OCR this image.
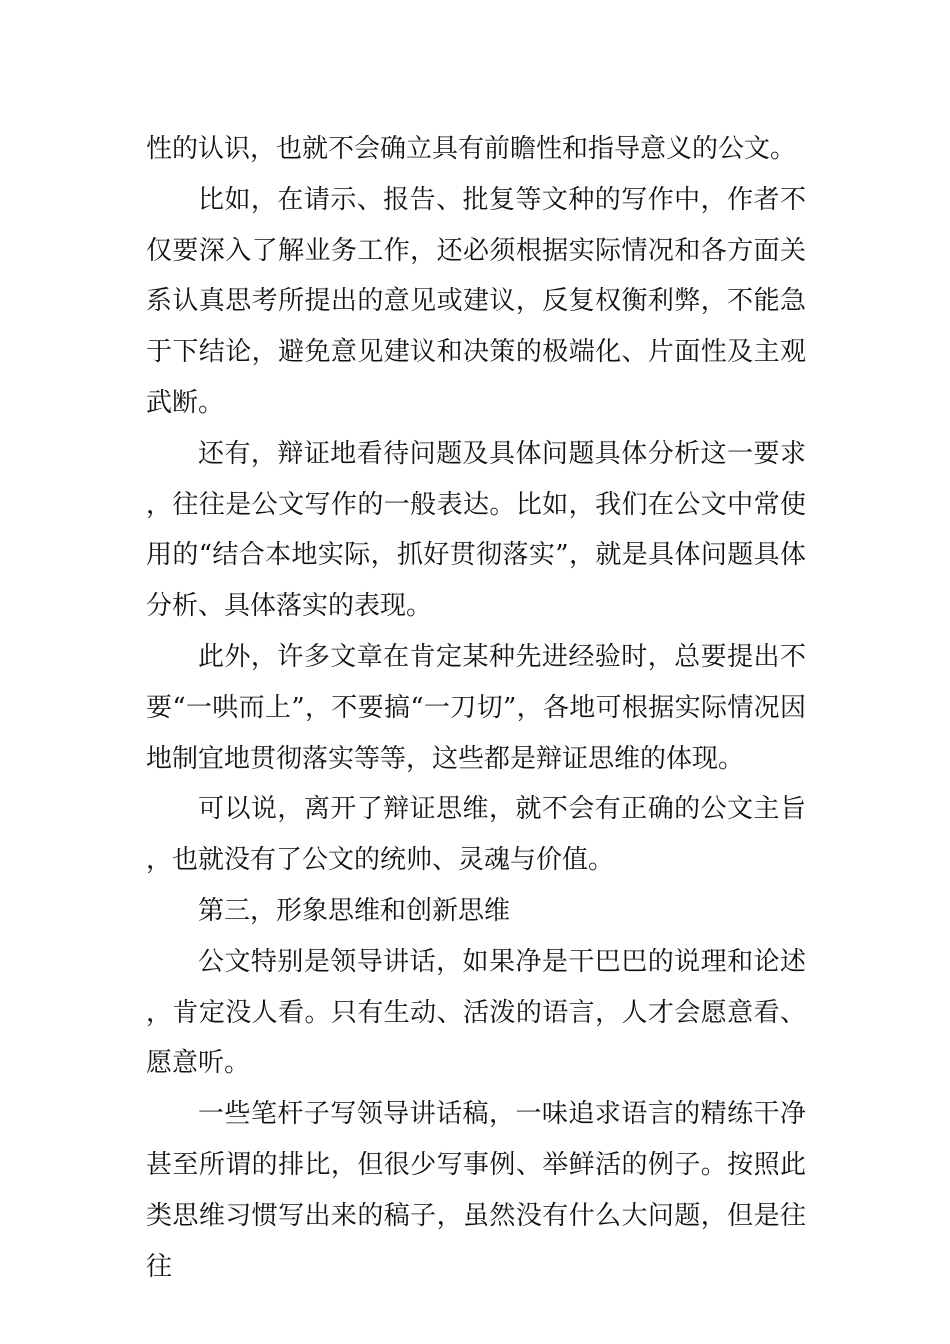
性的认识，也就不会确立具有前瞻性和指导意义的公文。

比如，在请示、报告、批复等文种的写作中，作者不仅要深入了解业务工作，还必须根据实际情况和各方面关系认真思考所提出的意见或建议，反复权衡利弊，不能急于下结论，避免意见建议和决策的极端化、片面性及主观武断。

还有，辩证地看待问题及具体问题具体分析这一要求，往往是公文写作的一般表达。比如，我们在公文中常使用的“结合本地实际，抓好贯彻落实”，就是具体问题具体分析、具体落实的表现。

此外，许多文章在肯定某种先进经验时，总要提出不要“一哄而上”，不要搞“一刀切”，各地可根据实际情况因地制宜地贯彻落实等等，这些都是辩证思维的体现。

可以说，离开了辩证思维，就不会有正确的公文主旨，也就没有了公文的统帅、灵魂与价值。

第三，形象思维和创新思维

公文特别是领导讲话，如果净是干巴巴的说理和论述，肯定没人看。只有生动、活泼的语言，人才会愿意看、愿意听。

一些笔杆子写领导讲话稿，一味追求语言的精练干净甚至所谓的排比，但很少写事例、举鲜活的例子。按照此类思维习惯写出来的稿子，虽然没有什么大问题，但是往往
